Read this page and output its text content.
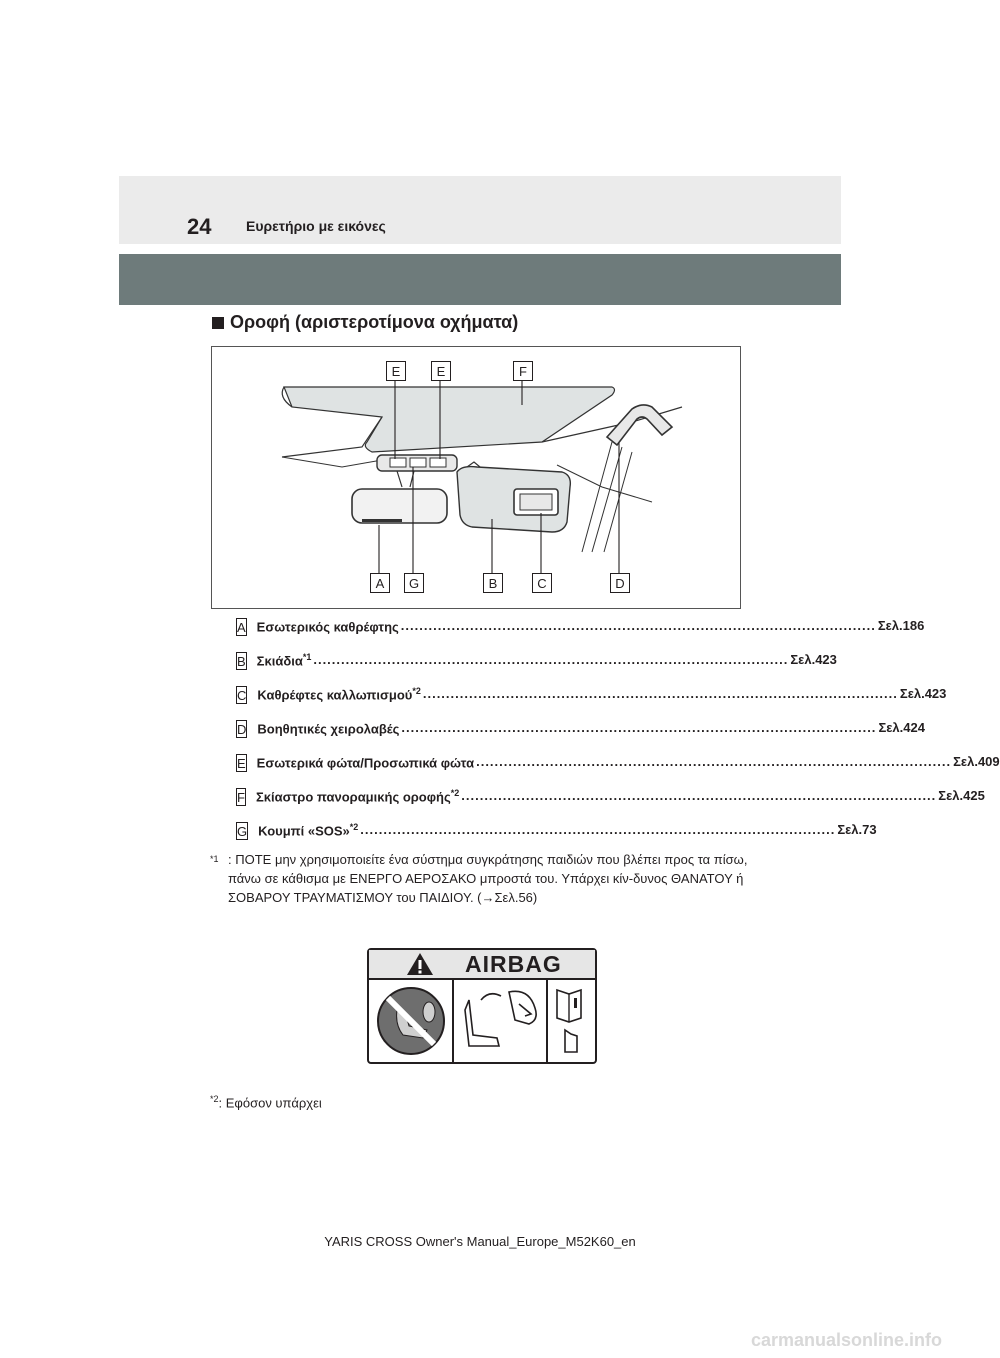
24 Ευρετήριο με εικόνες
Οροφή (αριστεροτίμονα οχήματα)
E	E	F
A	G	B	C	D
A Εσωτερικός καθρέφτης ....................................................................................................... Σελ.186
B Σκιάδια$^{*1}$ ....................................................................................................... Σελ.423
C Καθρέφτες καλλωπισμού$^{*2}$ ....................................................................................................... Σελ.423
D Βοηθητικές χειρολαβές ....................................................................................................... Σελ.424
E Εσωτερικά φώτα/Προσωπικά φώτα ....................................................................................................... Σελ.409
F Σκίαστρο πανοραμικής οροφής$^{*2}$ ....................................................................................................... Σελ.425
G Κουμπί «SOS»$^{*2}$ ....................................................................................................... Σελ.73
*1 : ΠΟΤΕ μην χρησιμοποιείτε ένα σύστημα συγκράτησης παιδιών που βλέπει προς τα πίσω, πάνω σε κάθισμα με ΕΝΕΡΓΟ ΑΕΡΟΣΑΚΟ μπροστά του. Υπάρχει κίν-δυνος ΘΑΝΑΤΟΥ ή ΣΟΒΑΡΟΥ ΤΡΑΥΜΑΤΙΣΜΟΥ του ΠΑΙΔΙΟΥ. (→Σελ.56)
AIRBAG
$^{*2}$: Εφόσον υπάρχει
YARIS CROSS Owner's Manual_Europe_M52K60_en
carmanualsonline.info
